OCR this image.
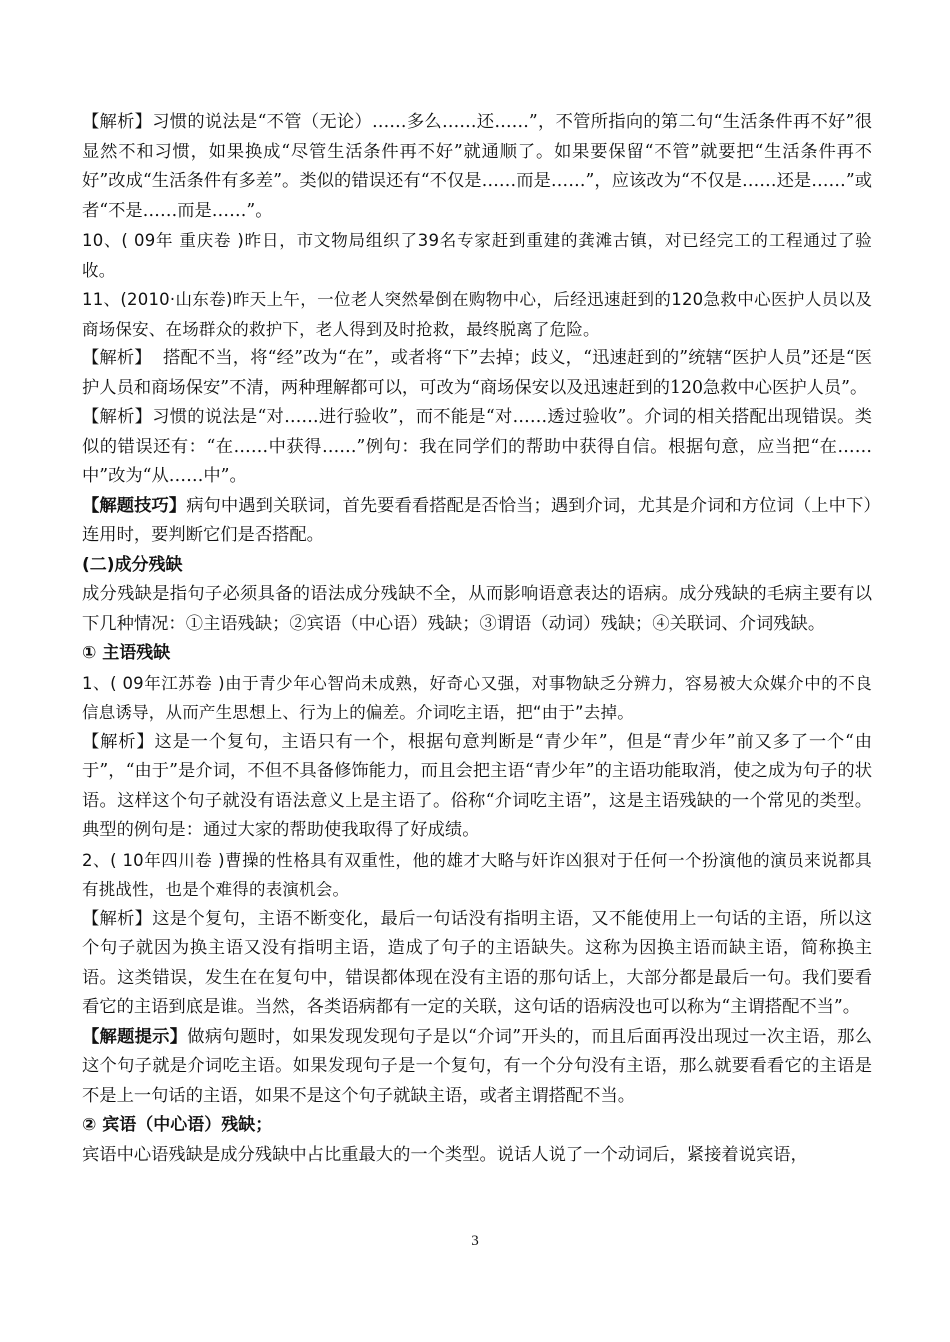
【解析】习惯的说法是“不管（无论）……多么……还……”，不管所指向的第二句“生活条件再不好”很显然不和习惯，如果换成“尽管生活条件再不好”就通顺了。如果要保留“不管”就要把“生活条件再不好”改成“生活条件有多差”。类似的错误还有“不仅是……而是……”，应该改为“不仅是……还是……”或者“不是……而是……”。

10、( 09年 重庆卷 )昨日，市文物局组织了39名专家赶到重建的龚滩古镇，对已经完工的工程通过了验收。

11、(2010·山东卷)昨天上午，一位老人突然晕倒在购物中心，后经迅速赶到的120急救中心医护人员以及商场保安、在场群众的救护下，老人得到及时抢救，最终脱离了危险。

【解析】  搭配不当，将“经”改为“在”，或者将“下”去掉；歧义，“迅速赶到的”统辖“医护人员”还是“医护人员和商场保安”不清，两种理解都可以，可改为“商场保安以及迅速赶到的120急救中心医护人员”。

【解析】习惯的说法是“对……进行验收”，而不能是“对……透过验收”。介词的相关搭配出现错误。类似的错误还有：“在……中获得……”例句：我在同学们的帮助中获得自信。根据句意，应当把“在……中”改为“从……中”。

【解题技巧】病句中遇到关联词，首先要看看搭配是否恰当；遇到介词，尤其是介词和方位词（上中下）连用时，要判断它们是否搭配。

(二)成分残缺

成分残缺是指句子必须具备的语法成分残缺不全，从而影响语意表达的语病。成分残缺的毛病主要有以下几种情况：①主语残缺；②宾语（中心语）残缺；③谓语（动词）残缺；④关联词、介词残缺。

① 主语残缺

1、( 09年江苏卷 )由于青少年心智尚未成熟，好奇心又强，对事物缺乏分辨力，容易被大众媒介中的不良信息诱导，从而产生思想上、行为上的偏差。介词吃主语，把“由于”去掉。

【解析】这是一个复句，主语只有一个，根据句意判断是“青少年”，但是“青少年”前又多了一个“由于”，“由于”是介词，不但不具备修饰能力，而且会把主语“青少年”的主语功能取消，使之成为句子的状语。这样这个句子就没有语法意义上是主语了。俗称“介词吃主语”，这是主语残缺的一个常见的类型。典型的例句是：通过大家的帮助使我取得了好成绩。

2、( 10年四川卷 )曹操的性格具有双重性，他的雄才大略与奸诈凶狠对于任何一个扮演他的演员来说都具有挑战性，也是个难得的表演机会。

【解析】这是个复句，主语不断变化，最后一句话没有指明主语，又不能使用上一句话的主语，所以这个句子就因为换主语又没有指明主语，造成了句子的主语缺失。这称为因换主语而缺主语，简称换主语。这类错误，发生在在复句中，错误都体现在没有主语的那句话上，大部分都是最后一句。我们要看看它的主语到底是谁。当然，各类语病都有一定的关联，这句话的语病没也可以称为“主谓搭配不当”。

【解题提示】做病句题时，如果发现发现句子是以“介词”开头的，而且后面再没出现过一次主语，那么这个句子就是介词吃主语。如果发现句子是一个复句，有一个分句没有主语，那么就要看看它的主语是不是上一句话的主语，如果不是这个句子就缺主语，或者主谓搭配不当。

② 宾语（中心语）残缺；

宾语中心语残缺是成分残缺中占比重最大的一个类型。说话人说了一个动词后，紧接着说宾语，

3
